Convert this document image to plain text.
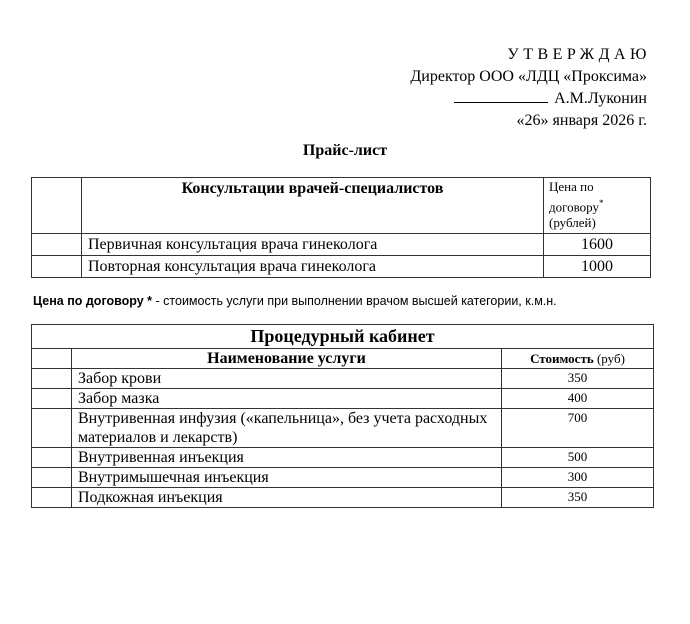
УТВЕРЖДАЮ
Директор ООО «ЛДЦ «Проксима»
А.М.Луконин
«26» января 2026 г.
Прайс-лист
	Консультации врачей-специалистов	Цена по
договору*
(рублей)

	Первичная консультация врача гинеколога	1600
	Повторная консультация врача гинеколога	1000
Цена по договору * - стоимость услуги при выполнении врачом высшей категории, к.м.н.
Процедурный кабинет		
	Наименование услуги	Стоимость (руб)
	Забор крови	350
	Забор мазка	400
	Внутривенная инфузия («капельница», без учета расходных материалов и лекарств)	700
	Внутривенная инъекция	500
	Внутримышечная инъекция	300
	Подкожная инъекция	350
